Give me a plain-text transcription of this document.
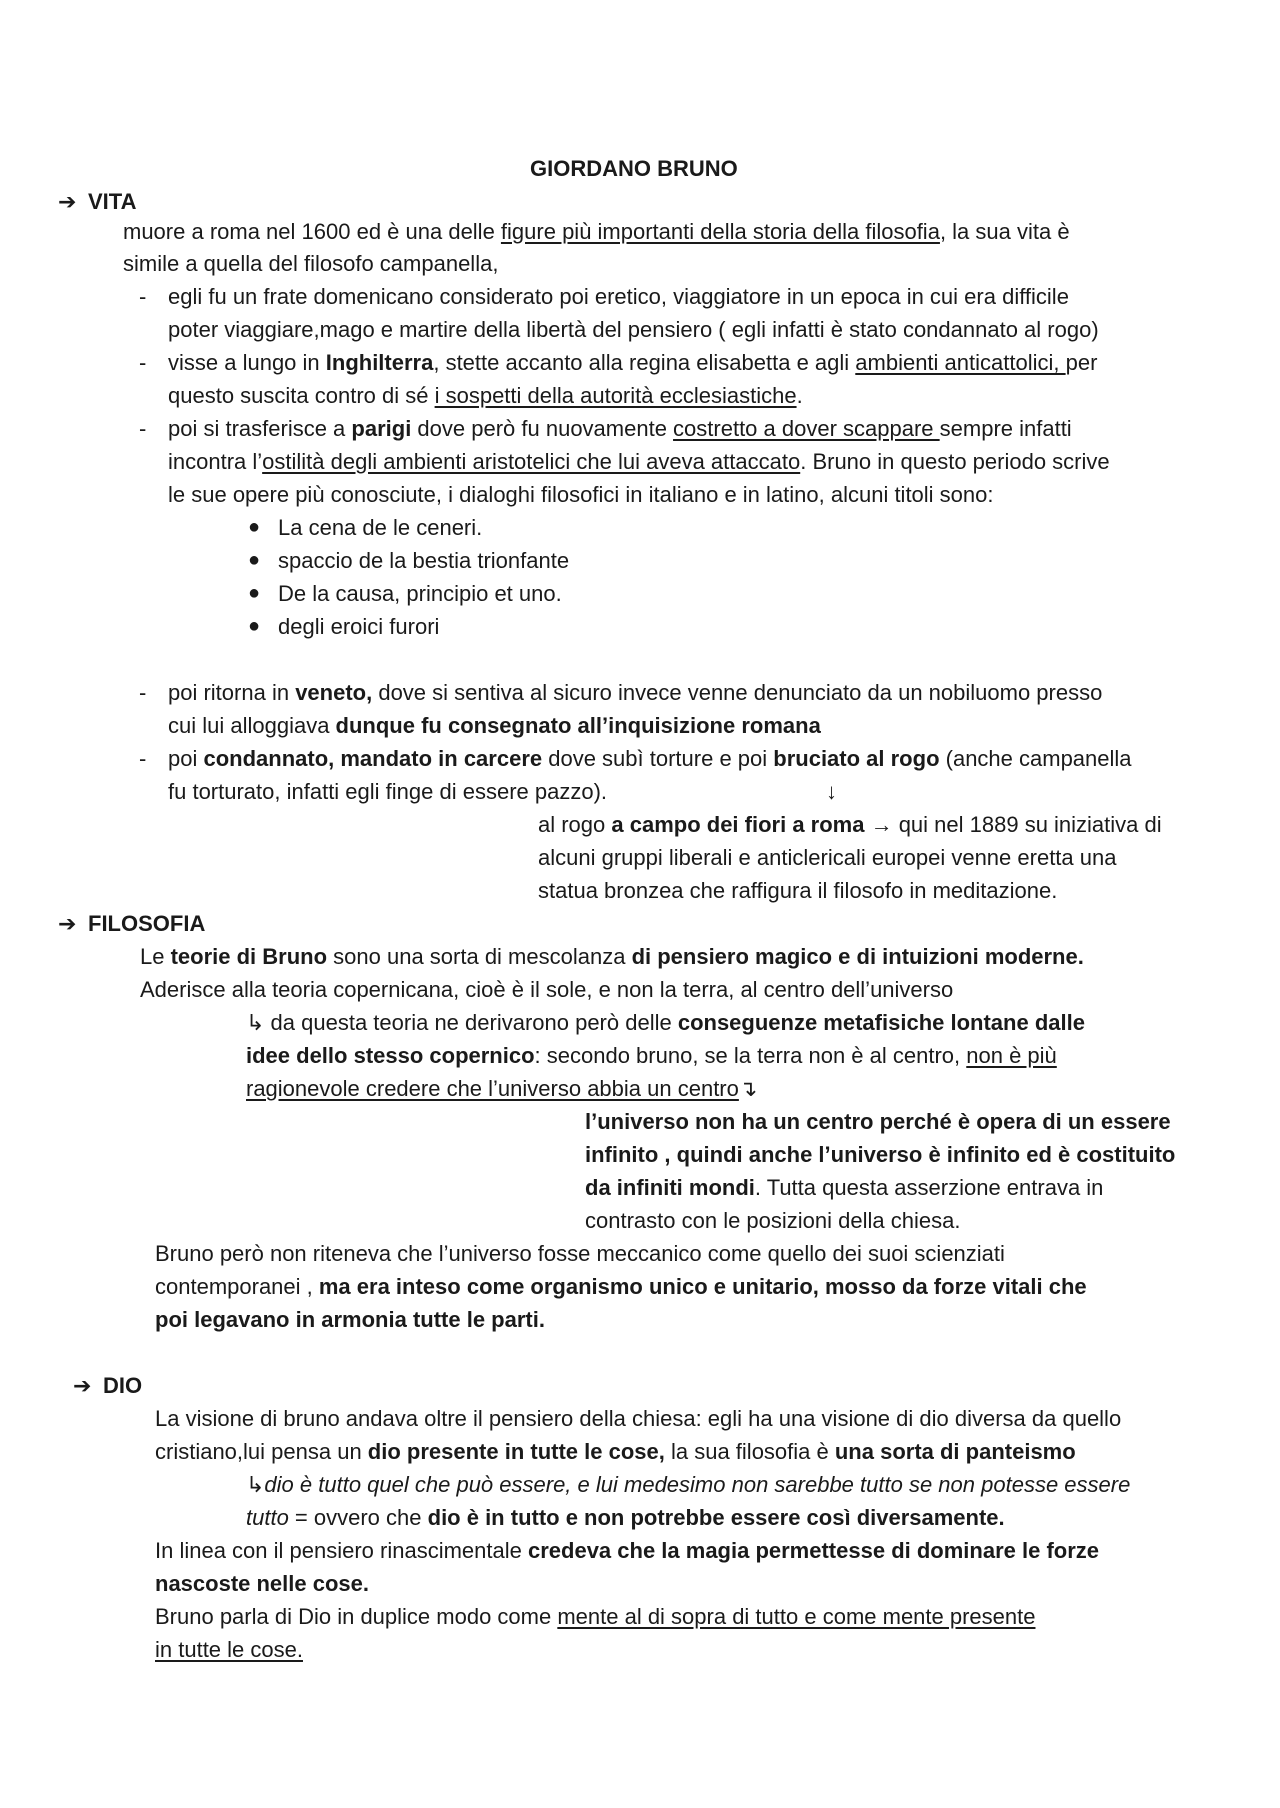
GIORDANO BRUNO
➔ VITA
muore a roma nel 1600 ed è una delle figure più importanti della storia della filosofia, la sua vita è
simile a quella del filosofo campanella,
- egli fu un frate domenicano considerato poi eretico, viaggiatore in un epoca in cui era difficile
poter viaggiare,mago e martire della libertà del pensiero ( egli infatti è stato condannato al rogo)
- visse a lungo in Inghilterra, stette accanto alla regina elisabetta e agli ambienti anticattolici, per
questo suscita contro di sé i sospetti della autorità ecclesiastiche.
- poi si trasferisce a parigi dove però fu nuovamente costretto a dover scappare sempre infatti
incontra l’ostilità degli ambienti aristotelici che lui aveva attaccato. Bruno in questo periodo scrive
le sue opere più conosciute, i dialoghi filosofici in italiano e in latino, alcuni titoli sono:
● La cena de le ceneri.
● spaccio de la bestia trionfante
● De la causa, principio et uno.
● degli eroici furori
- poi ritorna in veneto, dove si sentiva al sicuro invece venne denunciato da un nobiluomo presso
cui lui alloggiava dunque fu consegnato all’inquisizione romana
- poi condannato, mandato in carcere dove subì torture e poi bruciato al rogo (anche campanella
fu torturato, infatti egli finge di essere pazzo).	↓
al rogo a campo dei fiori a roma → qui nel 1889 su iniziativa di
alcuni gruppi liberali e anticlericali europei venne eretta una
statua bronzea che raffigura il filosofo in meditazione.
➔ FILOSOFIA
Le teorie di Bruno sono una sorta di mescolanza di pensiero magico e di intuizioni moderne.
Aderisce alla teoria copernicana, cioè è il sole, e non la terra, al centro dell’universo
↳ da questa teoria ne derivarono però delle conseguenze metafisiche lontane dalle
idee dello stesso copernico: secondo bruno, se la terra non è al centro, non è più
ragionevole credere che l’universo abbia un centro↴
l’universo non ha un centro perché è opera di un essere
infinito , quindi anche l’universo è infinito ed è costituito
da infiniti mondi. Tutta questa asserzione entrava in
contrasto con le posizioni della chiesa.
Bruno però non riteneva che l’universo fosse meccanico come quello dei suoi scienziati
contemporanei , ma era inteso come organismo unico e unitario, mosso da forze vitali che
poi legavano in armonia tutte le parti.
➔ DIO
La visione di bruno andava oltre il pensiero della chiesa: egli ha una visione di dio diversa da quello
cristiano,lui pensa un dio presente in tutte le cose, la sua filosofia è una sorta di panteismo
↳dio è tutto quel che può essere, e lui medesimo non sarebbe tutto se non potesse essere
tutto = ovvero che dio è in tutto e non potrebbe essere così diversamente.
In linea con il pensiero rinascimentale credeva che la magia permettesse di dominare le forze
nascoste nelle cose.
Bruno parla di Dio in duplice modo come mente al di sopra di tutto e come mente presente
in tutte le cose.
